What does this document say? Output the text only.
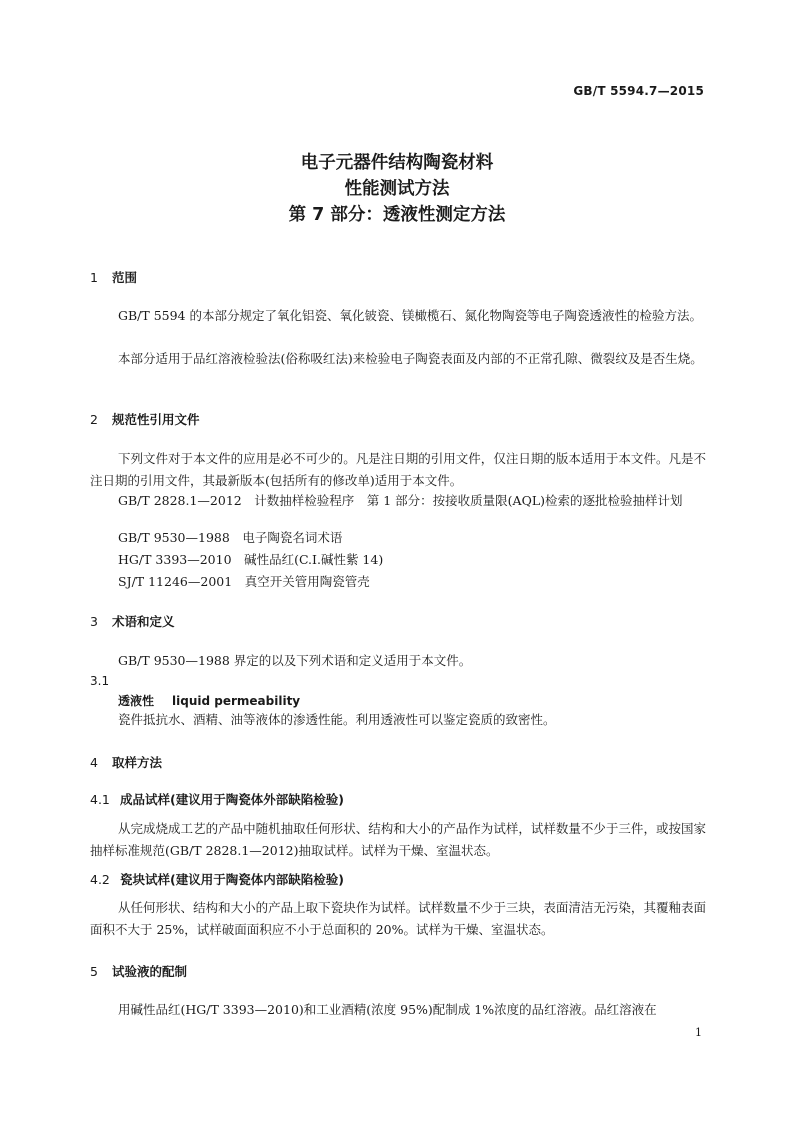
GB/T 5594.7—2015
电子元器件结构陶瓷材料
性能测试方法
第 7 部分：透液性测定方法
1 范围
GB/T 5594 的本部分规定了氧化铝瓷、氧化铍瓷、镁橄榄石、氮化物陶瓷等电子陶瓷透液性的检验方法。
本部分适用于品红溶液检验法(俗称吸红法)来检验电子陶瓷表面及内部的不正常孔隙、微裂纹及是否生烧。
2 规范性引用文件
下列文件对于本文件的应用是必不可少的。凡是注日期的引用文件，仅注日期的版本适用于本文件。凡是不注日期的引用文件，其最新版本(包括所有的修改单)适用于本文件。
GB/T 2828.1—2012　 计数抽样检验程序　第 1 部分：按接收质量限(AQL)检索的逐批检验抽样计划
GB/T 9530—1988　 电子陶瓷名词术语
HG/T 3393—2010　 碱性品红(C.I.碱性紫 14)
SJ/T 11246—2001　 真空开关管用陶瓷管壳
3 术语和定义
GB/T 9530—1988 界定的以及下列术语和定义适用于本文件。
3.1
透液性 liquid permeability
瓷件抵抗水、酒精、油等液体的渗透性能。利用透液性可以鉴定瓷质的致密性。
4 取样方法
4.1 成品试样(建议用于陶瓷体外部缺陷检验)
从完成烧成工艺的产品中随机抽取任何形状、结构和大小的产品作为试样，试样数量不少于三件，或按国家抽样标准规范(GB/T 2828.1—2012)抽取试样。试样为干燥、室温状态。
4.2 瓷块试样(建议用于陶瓷体内部缺陷检验)
从任何形状、结构和大小的产品上取下瓷块作为试样。试样数量不少于三块，表面清洁无污染，其覆釉表面面积不大于 25%，试样破面面积应不小于总面积的 20%。试样为干燥、室温状态。
5 试验液的配制
用碱性品红(HG/T 3393—2010)和工业酒精(浓度 95%)配制成 1%浓度的品红溶液。品红溶液在
1
